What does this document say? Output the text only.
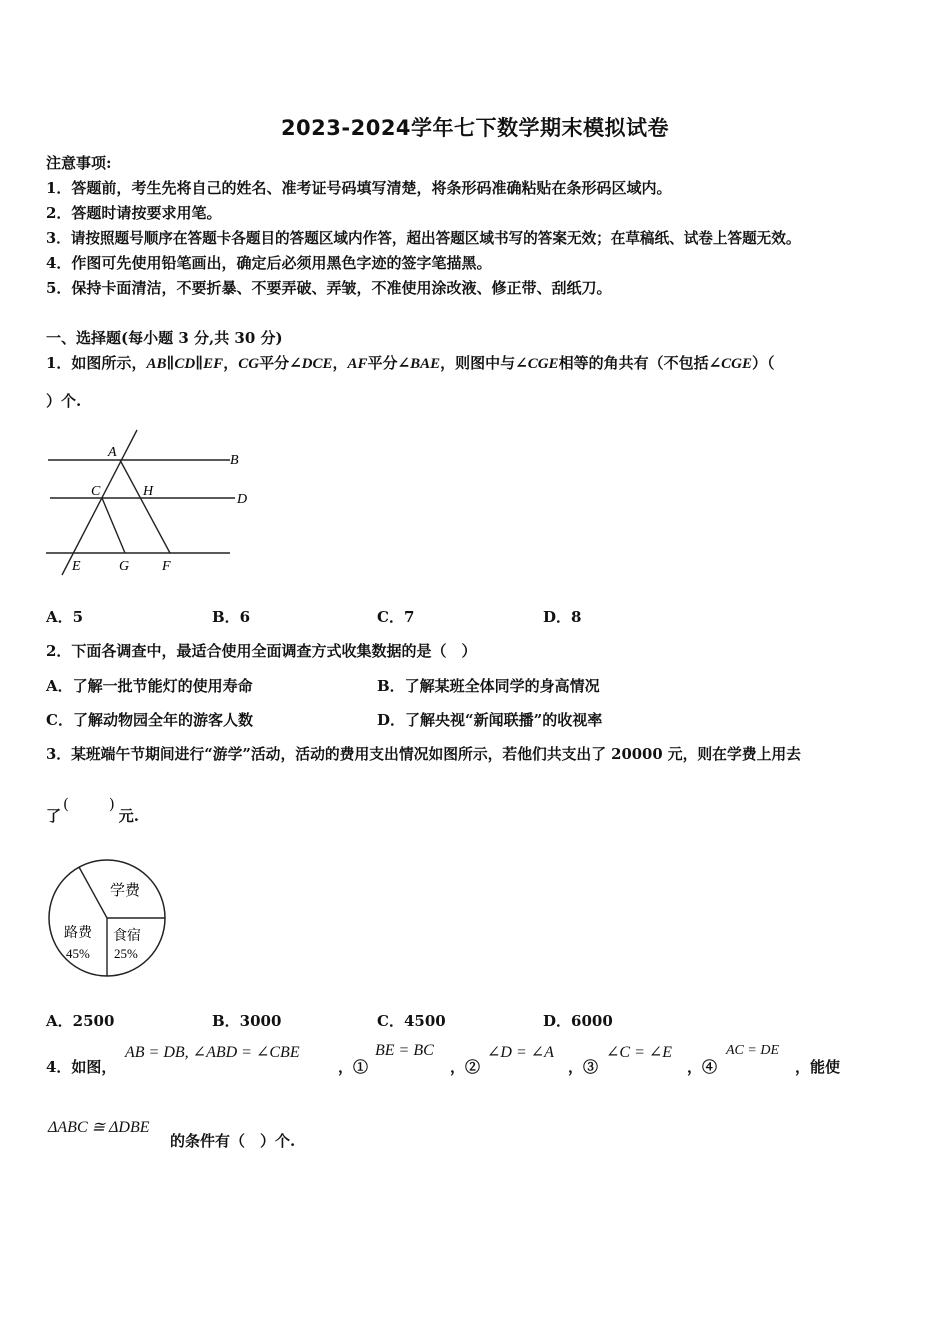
2023-2024学年七下数学期末模拟试卷
注意事项:
1．答题前，考生先将自己的姓名、准考证号码填写清楚，将条形码准确粘贴在条形码区域内。
2．答题时请按要求用笔。
3．请按照题号顺序在答题卡各题目的答题区域内作答，超出答题区域书写的答案无效；在草稿纸、试卷上答题无效。
4．作图可先使用铅笔画出，确定后必须用黑色字迹的签字笔描黑。
5．保持卡面清洁，不要折暴、不要弄破、弄皱，不准使用涂改液、修正带、刮纸刀。
一、选择题(每小题 3 分,共 30 分)
1．如图所示，AB∥CD∥EF，CG平分∠DCE，AF平分∠BAE，则图中与∠CGE相等的角共有（不包括∠CGE）（
）个.
A
B
C	H
D
E	G F
A．5	B．6	C．7	D．8
2．下面各调查中，最适合使用全面调查方式收集数据的是（　）
A．了解一批节能灯的使用寿命	B．了解某班全体同学的身高情况
C．了解动物园全年的游客人数	D．了解央视“新闻联播”的收视率
3．某班端午节期间进行“游学”活动，活动的费用支出情况如图所示，若他们共支出了 20000 元，则在学费上用去
了(	)元.
学费
路费
45%
食宿
25%
A．2500	B．3000	C．4500	D．6000
4．如图，
AB = DB, ∠ABD = ∠CBE
，①
BE = BC
，②
∠D = ∠A
，③
∠C = ∠E
，④
AC = DE
，能使
ΔABC ≅ ΔDBE
的条件有（　）个.
